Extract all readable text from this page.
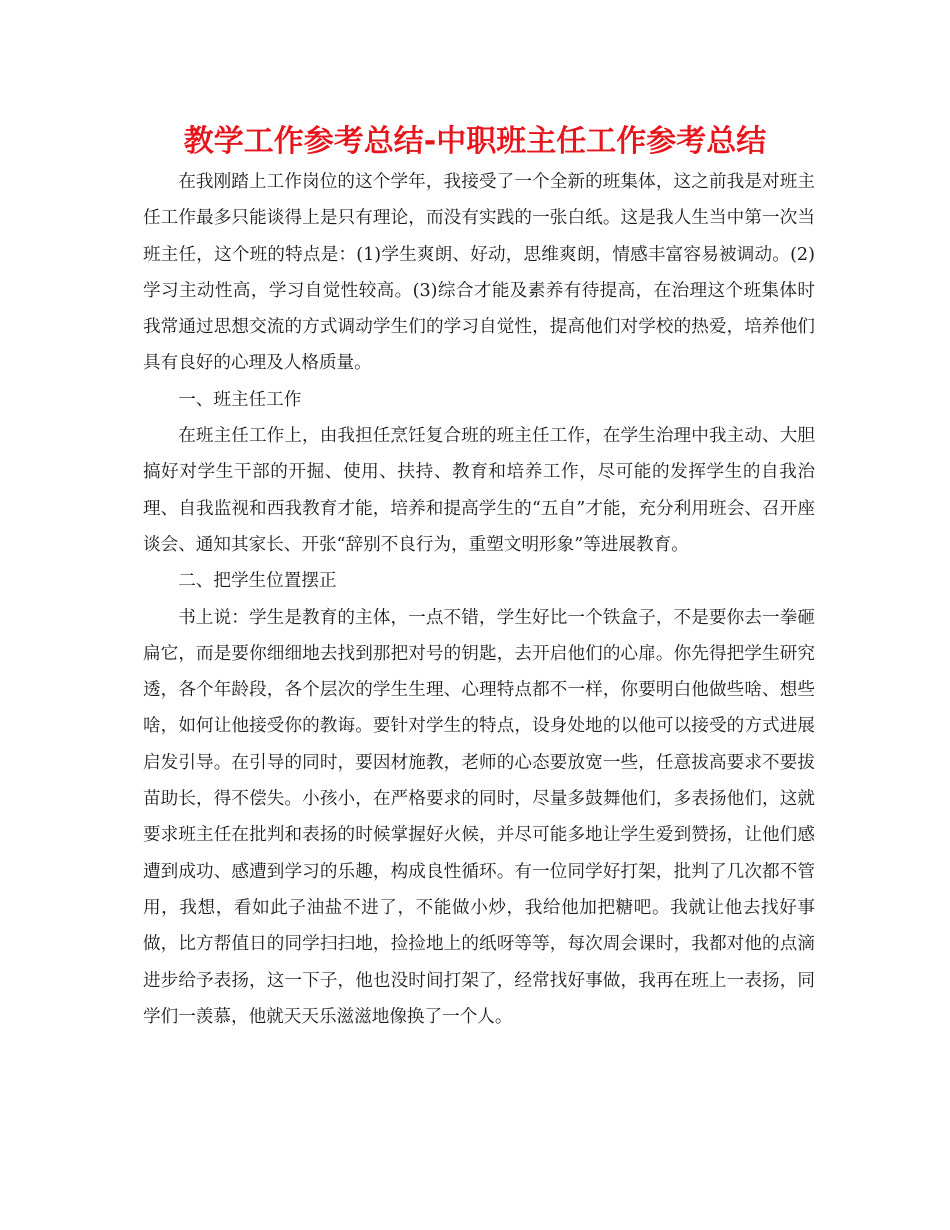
教学工作参考总结-中职班主任工作参考总结

在我刚踏上工作岗位的这个学年，我接受了一个全新的班集体，这之前我是对班主任工作最多只能谈得上是只有理论，而没有实践的一张白纸。这是我人生当中第一次当班主任，这个班的特点是：(1)学生爽朗、好动，思维爽朗，情感丰富容易被调动。(2)学习主动性高，学习自觉性较高。(3)综合才能及素养有待提高，在治理这个班集体时我常通过思想交流的方式调动学生们的学习自觉性，提高他们对学校的热爱，培养他们具有良好的心理及人格质量。

一、班主任工作

在班主任工作上，由我担任烹饪复合班的班主任工作，在学生治理中我主动、大胆搞好对学生干部的开掘、使用、扶持、教育和培养工作，尽可能的发挥学生的自我治理、自我监视和西我教育才能，培养和提高学生的“五自”才能，充分利用班会、召开座谈会、通知其家长、开张“辞别不良行为，重塑文明形象”等进展教育。

二、把学生位置摆正

书上说：学生是教育的主体，一点不错，学生好比一个铁盒子，不是要你去一拳砸扁它，而是要你细细地去找到那把对号的钥匙，去开启他们的心扉。你先得把学生研究透，各个年龄段，各个层次的学生生理、心理特点都不一样，你要明白他做些啥、想些啥，如何让他接受你的教诲。要针对学生的特点，设身处地的以他可以接受的方式进展启发引导。在引导的同时，要因材施教，老师的心态要放宽一些，任意拔高要求不要拔苗助长，得不偿失。小孩小，在严格要求的同时，尽量多鼓舞他们，多表扬他们，这就要求班主任在批判和表扬的时候掌握好火候，并尽可能多地让学生爱到赞扬，让他们感遭到成功、感遭到学习的乐趣，构成良性循环。有一位同学好打架，批判了几次都不管用，我想，看如此子油盐不进了，不能做小炒，我给他加把糖吧。我就让他去找好事做，比方帮值日的同学扫扫地，捡捡地上的纸呀等等，每次周会课时，我都对他的点滴进步给予表扬，这一下子，他也没时间打架了，经常找好事做，我再在班上一表扬，同学们一羡慕，他就天天乐滋滋地像换了一个人。
